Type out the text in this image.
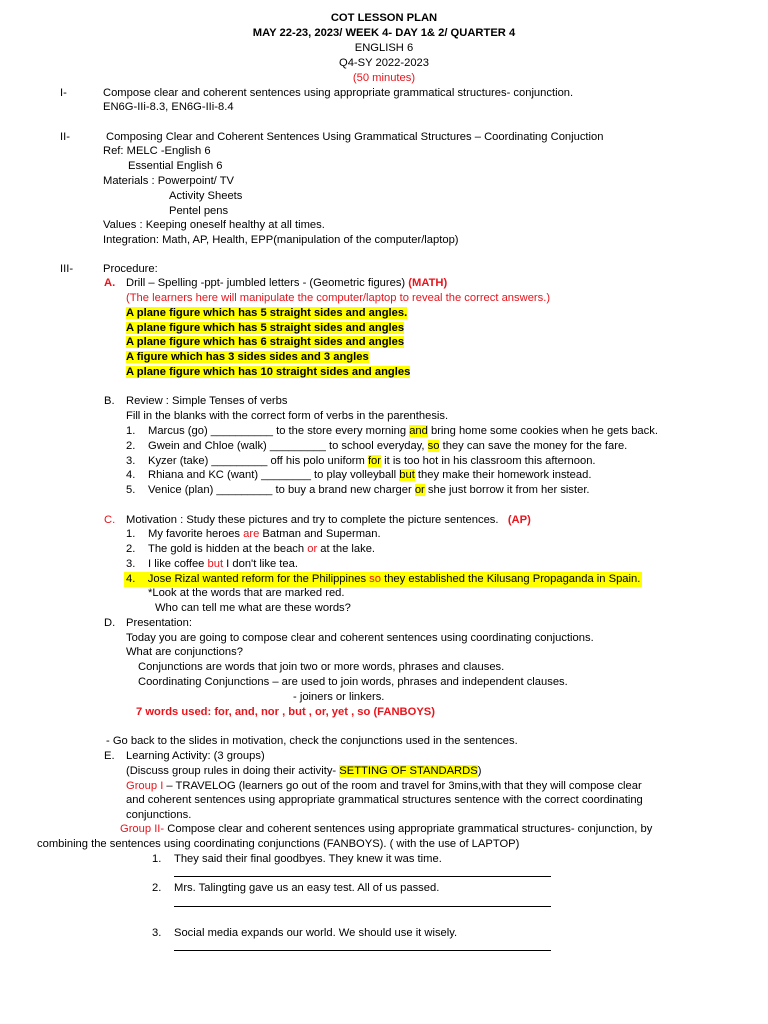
COT LESSON PLAN
MAY 22-23, 2023/ WEEK 4- DAY 1& 2/ QUARTER 4
ENGLISH 6
Q4-SY 2022-2023
(50 minutes)
I-	Compose clear and coherent sentences using appropriate grammatical structures- conjunction.
EN6G-IIi-8.3, EN6G-IIi-8.4
II-	Composing Clear and Coherent Sentences Using Grammatical Structures – Coordinating Conjuction
Ref: MELC -English 6
Essential English 6
Materials : Powerpoint/ TV
Activity Sheets
Pentel pens
Values : Keeping oneself healthy at all times.
Integration: Math, AP, Health, EPP(manipulation of the computer/laptop)
III-	Procedure:
A. Drill – Spelling -ppt- jumbled letters - (Geometric figures) (MATH)
(The learners here will manipulate the computer/laptop to reveal the correct answers.)
A plane figure which has 5 straight sides and angles.
A plane figure which has 5 straight sides and angles
A plane figure which has 6 straight sides and angles
A figure which has 3 sides sides and 3 angles
A plane figure which has 10 straight sides and angles
B. Review : Simple Tenses of verbs
Fill in the blanks with the correct form of verbs in the parenthesis.
1. Marcus (go) __________ to the store every morning and bring home some cookies when he gets back.
2. Gwein and Chloe (walk) _________ to school everyday, so they can save the money for the fare.
3. Kyzer (take) _________ off his polo uniform for it is too hot in his classroom this afternoon.
4. Rhiana and KC (want) ________ to play volleyball but they make their homework instead.
5. Venice (plan) _________ to buy a brand new charger or she just borrow it from her sister.
C. Motivation : Study these pictures and try to complete the picture sentences. (AP)
1. My favorite heroes are Batman and Superman.
2. The gold is hidden at the beach or at the lake.
3. I like coffee but I don't like tea.
4. Jose Rizal wanted reform for the Philippines so they established the Kilusang Propaganda in Spain.
*Look at the words that are marked red.
Who can tell me what are these words?
D. Presentation:
Today you are going to compose clear and coherent sentences using coordinating conjuctions.
What are conjunctions?
Conjunctions are words that join two or more words, phrases and clauses.
Coordinating Conjunctions – are used to join words, phrases and independent clauses.
- joiners or linkers.
7 words used: for, and, nor , but , or, yet , so (FANBOYS)
- Go back to the slides in motivation, check the conjunctions used in the sentences.
E. Learning Activity: (3 groups)
(Discuss group rules in doing their activity- SETTING OF STANDARDS)
Group I – TRAVELOG (learners go out of the room and travel for 3mins,with that they will compose clear
and coherent sentences using appropriate grammatical structures sentence with the correct coordinating
conjunctions.
Group II- Compose clear and coherent sentences using appropriate grammatical structures- conjunction, by
combining the sentences using coordinating conjunctions (FANBOYS). ( with the use of LAPTOP)
1. They said their final goodbyes. They knew it was time.
2. Mrs. Talingting gave us an easy test. All of us passed.
3. Social media expands our world. We should use it wisely.
